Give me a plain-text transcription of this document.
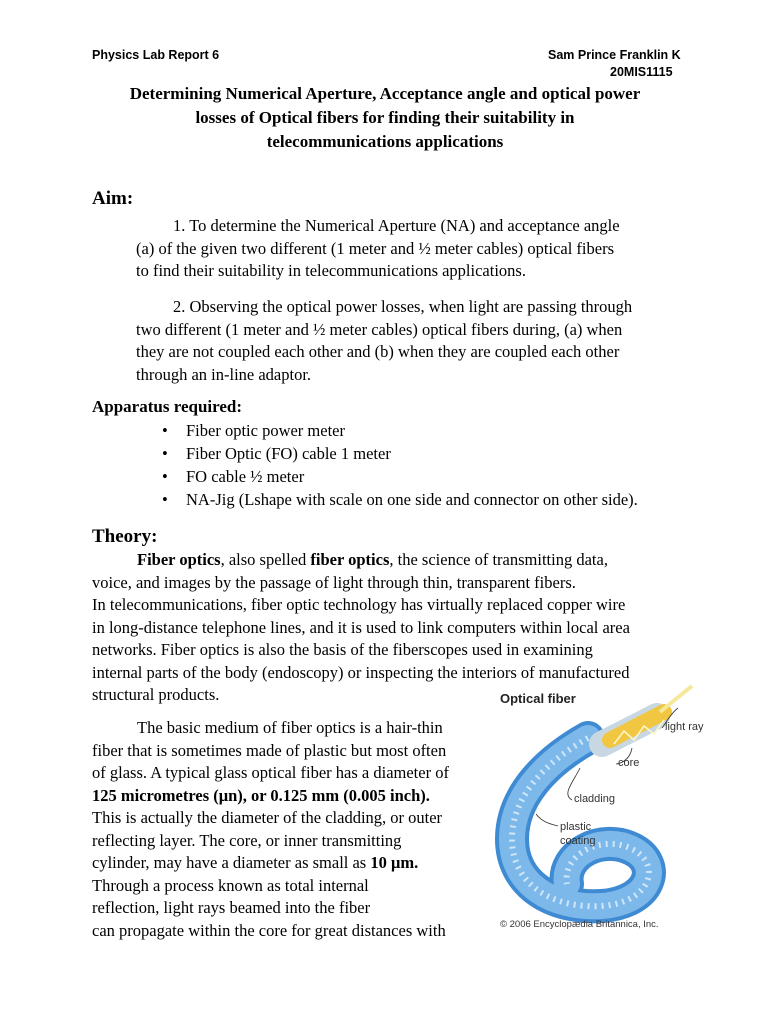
Physics Lab Report 6	Sam Prince Franklin K
20MIS1115
Determining Numerical Aperture, Acceptance angle and optical power
losses of Optical fibers for finding their suitability in
telecommunications applications
Aim:
1. To determine the Numerical Aperture (NA) and acceptance angle
(a) of the given two different (1 meter and ½ meter cables) optical fibers
to find their suitability in telecommunications applications.
2. Observing the optical power losses, when light are passing through
two different (1 meter and ½ meter cables) optical fibers during, (a) when
they are not coupled each other and (b) when they are coupled each other
through an in-line adaptor.
Apparatus required:
• Fiber optic power meter
• Fiber Optic (FO) cable 1 meter
• FO cable ½ meter
• NA-Jig (Lshape with scale on one side and connector on other side).
Theory:
Fiber optics, also spelled fiber optics, the science of transmitting data,
voice, and images by the passage of light through thin, transparent fibers.
In telecommunications, fiber optic technology has virtually replaced copper wire
in long-distance telephone lines, and it is used to link computers within local area
networks. Fiber optics is also the basis of the fiberscopes used in examining
internal parts of the body (endoscopy) or inspecting the interiors of manufactured
structural products.
The basic medium of fiber optics is a hair-thin
fiber that is sometimes made of plastic but most often
of glass. A typical glass optical fiber has a diameter of
125 micrometres (μn), or 0.125 mm (0.005 inch).
This is actually the diameter of the cladding, or outer
reflecting layer. The core, or inner transmitting
cylinder, may have a diameter as small as 10 μm.
Through a process known as total internal
reflection, light rays beamed into the fiber
can propagate within the core for great distances with
Optical fiber
light ray
core
cladding
plastic
coating
© 2006 Encyclopædia Britannica, Inc.
